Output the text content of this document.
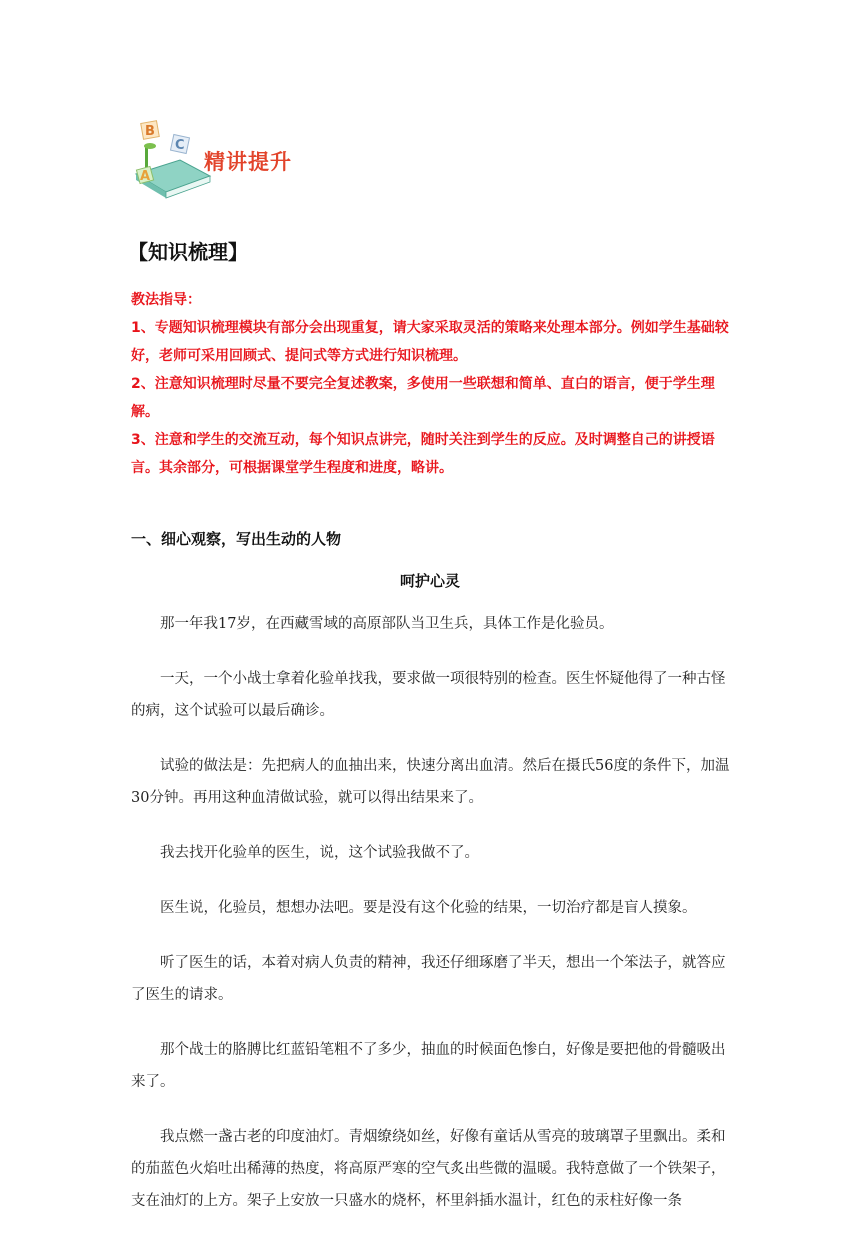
A
B
C
精讲提升
【知识梳理】

教法指导：

1、专题知识梳理模块有部分会出现重复，请大家采取灵活的策略来处理本部分。例如学生基础较好，老师可采用回顾式、提问式等方式进行知识梳理。

2、注意知识梳理时尽量不要完全复述教案，多使用一些联想和简单、直白的语言，便于学生理解。

3、注意和学生的交流互动，每个知识点讲完，随时关注到学生的反应。及时调整自己的讲授语言。其余部分，可根据课堂学生程度和进度，略讲。

一、细心观察，写出生动的人物
呵护心灵

那一年我17岁，在西藏雪域的高原部队当卫生兵，具体工作是化验员。

一天，一个小战士拿着化验单找我，要求做一项很特别的检查。医生怀疑他得了一种古怪的病，这个试验可以最后确诊。

试验的做法是：先把病人的血抽出来，快速分离出血清。然后在摄氏56度的条件下，加温30分钟。再用这种血清做试验，就可以得出结果来了。

我去找开化验单的医生，说，这个试验我做不了。

医生说，化验员，想想办法吧。要是没有这个化验的结果，一切治疗都是盲人摸象。

听了医生的话，本着对病人负责的精神，我还仔细琢磨了半天，想出一个笨法子，就答应了医生的请求。

那个战士的胳膊比红蓝铅笔粗不了多少，抽血的时候面色惨白，好像是要把他的骨髓吸出来了。

我点燃一盏古老的印度油灯。青烟缭绕如丝，好像有童话从雪亮的玻璃罩子里飘出。柔和的茄蓝色火焰吐出稀薄的热度，将高原严寒的空气炙出些微的温暖。我特意做了一个铁架子，支在油灯的上方。架子上安放一只盛水的烧杯，杯里斜插水温计，红色的汞柱好像一条
